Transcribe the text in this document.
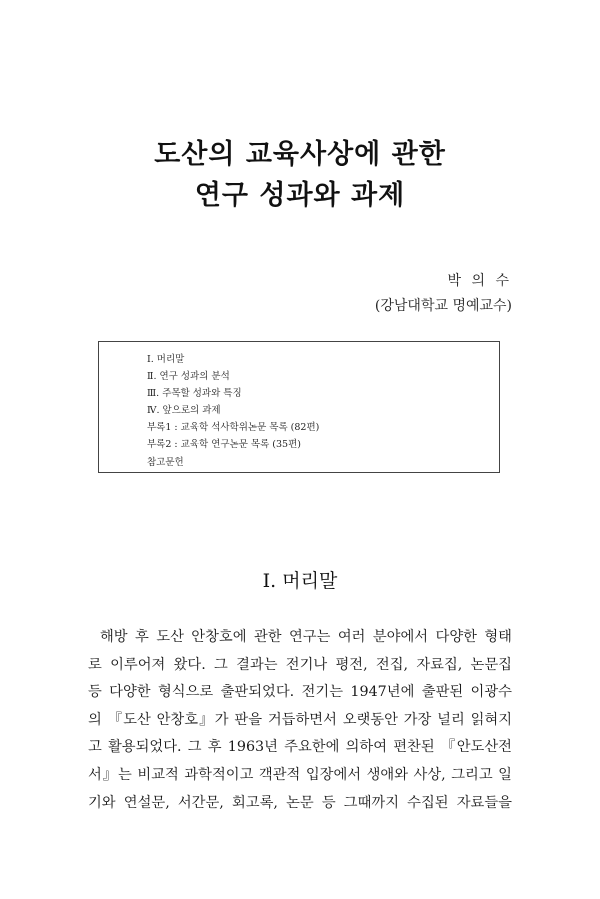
도산의 교육사상에 관한
연구 성과와 과제
박 의 수
(강남대학교 명예교수)
Ⅰ. 머리말
Ⅱ. 연구 성과의 분석
Ⅲ. 주목할 성과와 특징
Ⅳ. 앞으로의 과제
부록1 : 교육학 석사학위논문 목록 (82편)
부록2 : 교육학 연구논문 목록 (35편)
참고문헌
Ⅰ. 머리말

해방 후 도산 안창호에 관한 연구는 여러 분야에서 다양한 형태
로 이루어져 왔다. 그 결과는 전기나 평전, 전집, 자료집, 논문집
등 다양한 형식으로 출판되었다. 전기는 1947년에 출판된 이광수
의 『도산 안창호』가 판을 거듭하면서 오랫동안 가장 널리 읽혀지
고 활용되었다. 그 후 1963년 주요한에 의하여 편찬된 『안도산전
서』는 비교적 과학적이고 객관적 입장에서 생애와 사상, 그리고 일
기와 연설문, 서간문, 회고록, 논문 등 그때까지 수집된 자료들을
